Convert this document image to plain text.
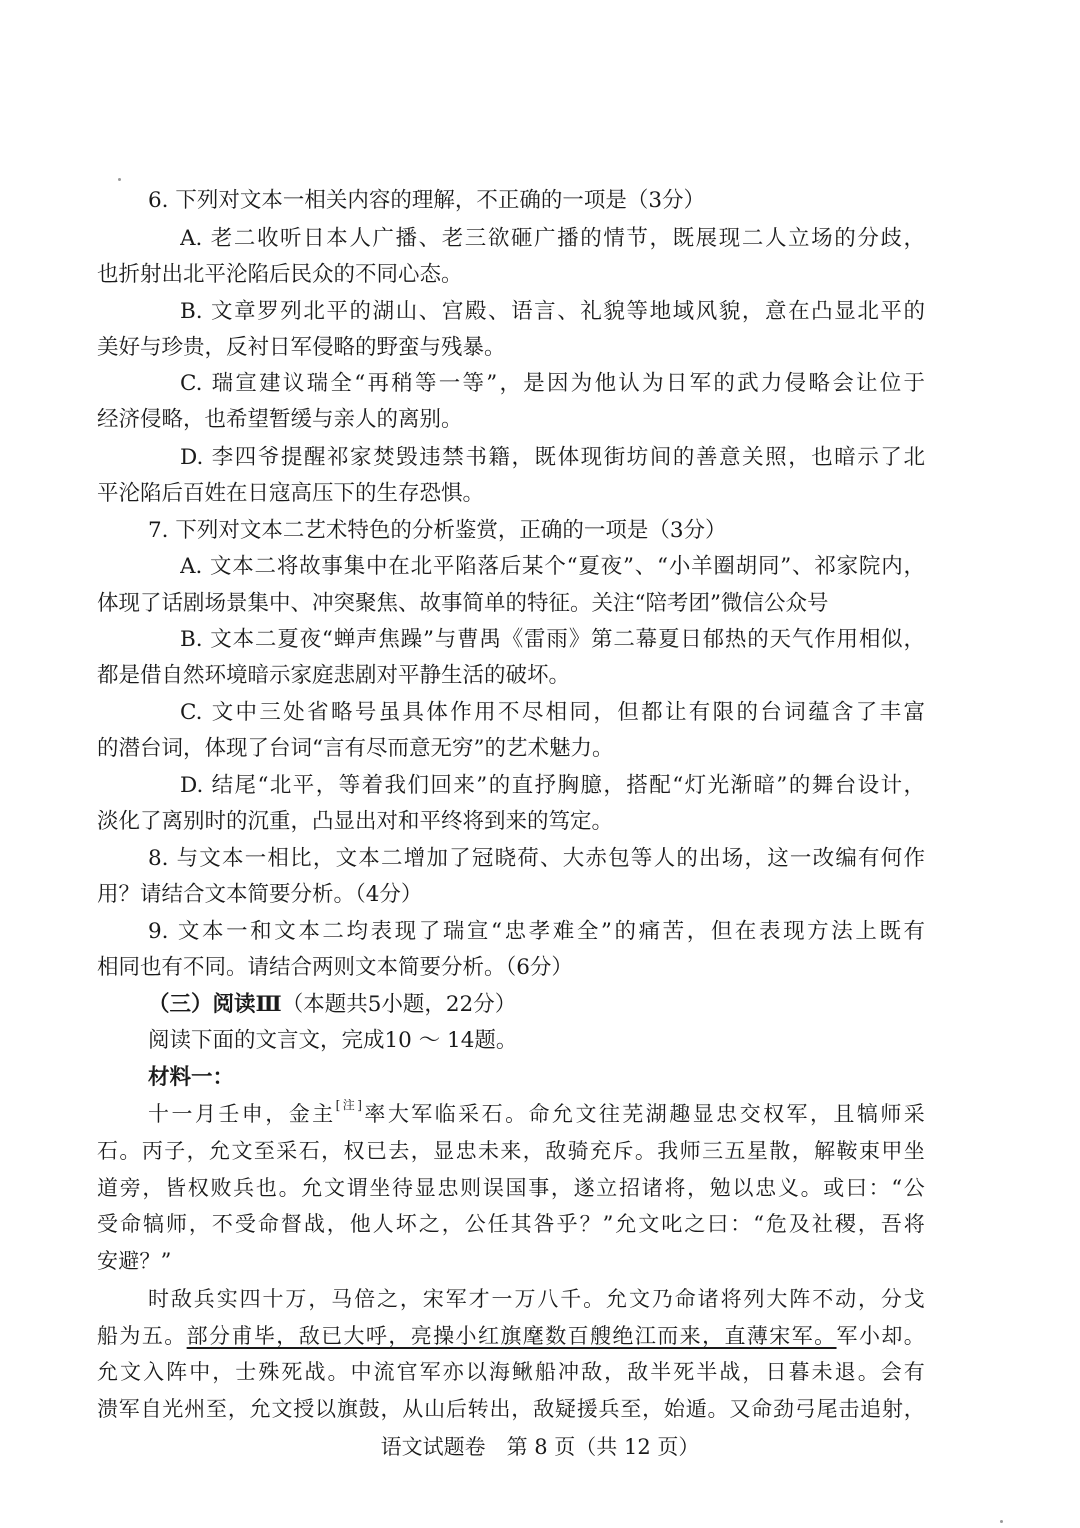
6. 下列对文本一相关内容的理解，不正确的一项是（3分）
A. 老二收听日本人广播、老三欲砸广播的情节，既展现二人立场的分歧，
也折射出北平沦陷后民众的不同心态。
B. 文章罗列北平的湖山、宫殿、语言、礼貌等地域风貌，意在凸显北平的
美好与珍贵，反衬日军侵略的野蛮与残暴。
C. 瑞宣建议瑞全“再稍等一等”，是因为他认为日军的武力侵略会让位于
经济侵略，也希望暂缓与亲人的离别。
D. 李四爷提醒祁家焚毁违禁书籍，既体现街坊间的善意关照，也暗示了北
平沦陷后百姓在日寇高压下的生存恐惧。
7. 下列对文本二艺术特色的分析鉴赏，正确的一项是（3分）
A. 文本二将故事集中在北平陷落后某个“夏夜”、“小羊圈胡同”、祁家院内，
体现了话剧场景集中、冲突聚焦、故事简单的特征。关注“陪考团”微信公众号
B. 文本二夏夜“蝉声焦躁”与曹禺《雷雨》第二幕夏日郁热的天气作用相似，
都是借自然环境暗示家庭悲剧对平静生活的破坏。
C. 文中三处省略号虽具体作用不尽相同，但都让有限的台词蕴含了丰富
的潜台词，体现了台词“言有尽而意无穷”的艺术魅力。
D. 结尾“北平，等着我们回来”的直抒胸臆，搭配“灯光渐暗”的舞台设计，
淡化了离别时的沉重，凸显出对和平终将到来的笃定。
8. 与文本一相比，文本二增加了冠晓荷、大赤包等人的出场，这一改编有何作
用？请结合文本简要分析。（4分）
9. 文本一和文本二均表现了瑞宣“忠孝难全”的痛苦，但在表现方法上既有
相同也有不同。请结合两则文本简要分析。（6分）
（三）阅读Ⅲ（本题共5小题，22分）
阅读下面的文言文，完成10 ～ 14题。
材料一：
十一月壬申，金主[注]率大军临采石。命允文往芜湖趣显忠交权军，且犒师采
石。丙子，允文至采石，权已去，显忠未来，敌骑充斥。我师三五星散，解鞍束甲坐
道旁，皆权败兵也。允文谓坐待显忠则误国事，遂立招诸将，勉以忠义。或曰：“公
受命犒师，不受命督战，他人坏之，公任其咎乎？”允文叱之曰：“危及社稷，吾将
安避？”
时敌兵实四十万，马倍之，宋军才一万八千。允文乃命诸将列大阵不动，分戈
船为五。部分甫毕，敌已大呼，亮操小红旗麾数百艘绝江而来，直薄宋军。军小却。
允文入阵中，士殊死战。中流官军亦以海鳅船冲敌，敌半死半战，日暮未退。会有
溃军自光州至，允文授以旗鼓，从山后转出，敌疑援兵至，始遁。又命劲弓尾击追射，
语文试题卷　第 8 页（共 12 页）
